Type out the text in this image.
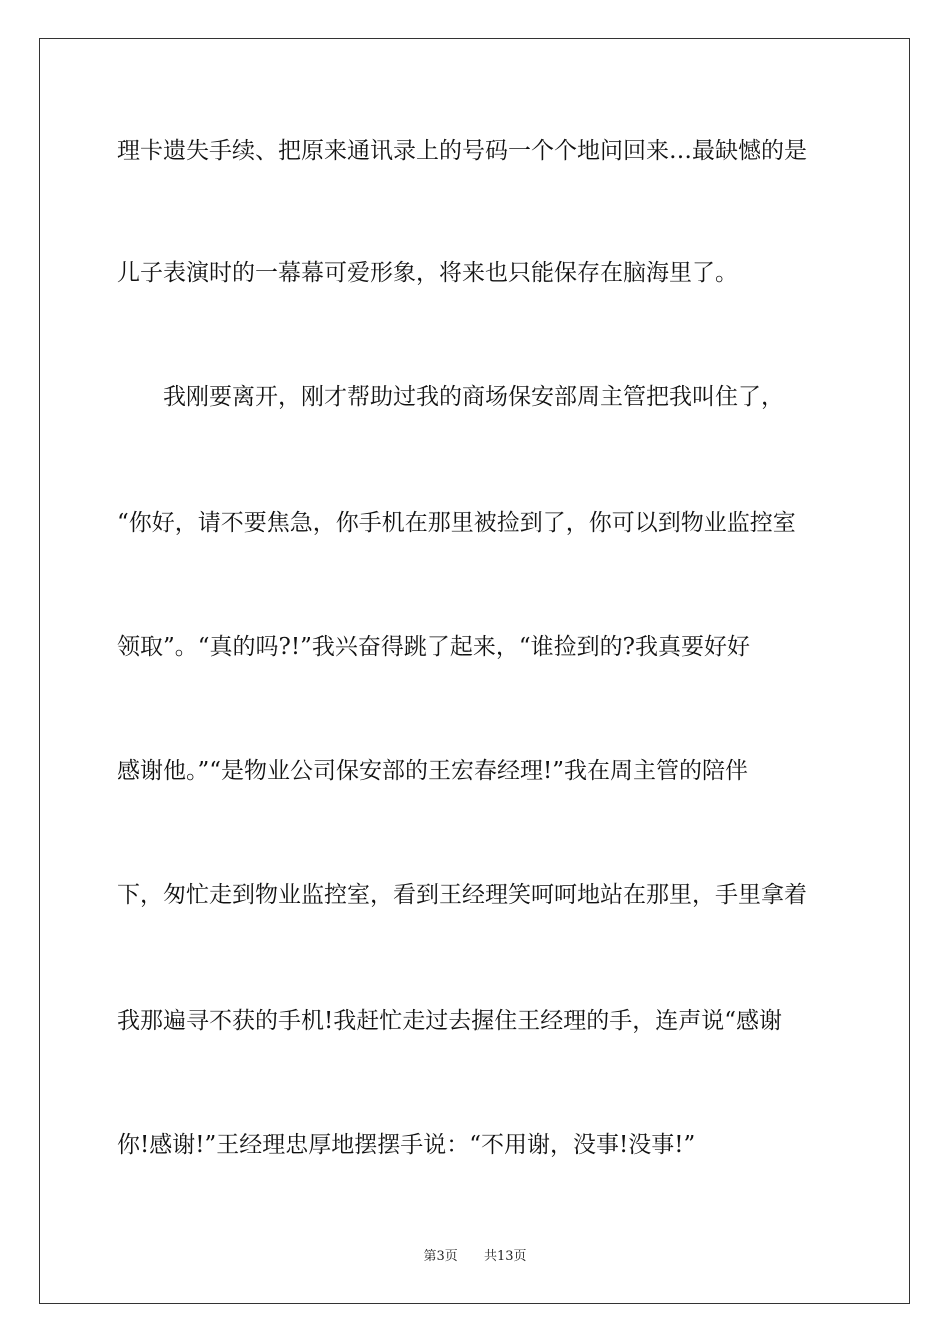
理卡遗失手续、把原来通讯录上的号码一个个地问回来…最缺憾的是
儿子表演时的一幕幕可爱形象，将来也只能保存在脑海里了。
　　我刚要离开，刚才帮助过我的商场保安部周主管把我叫住了，
“你好，请不要焦急，你手机在那里被捡到了，你可以到物业监控室
领取”。“真的吗?!”我兴奋得跳了起来，“谁捡到的?我真要好好
感谢他。”“是物业公司保安部的王宏春经理!”我在周主管的陪伴
下，匆忙走到物业监控室，看到王经理笑呵呵地站在那里，手里拿着
我那遍寻不获的手机!我赶忙走过去握住王经理的手，连声说“感谢
你!感谢!”王经理忠厚地摆摆手说：“不用谢，没事!没事!”
第3页 共13页
